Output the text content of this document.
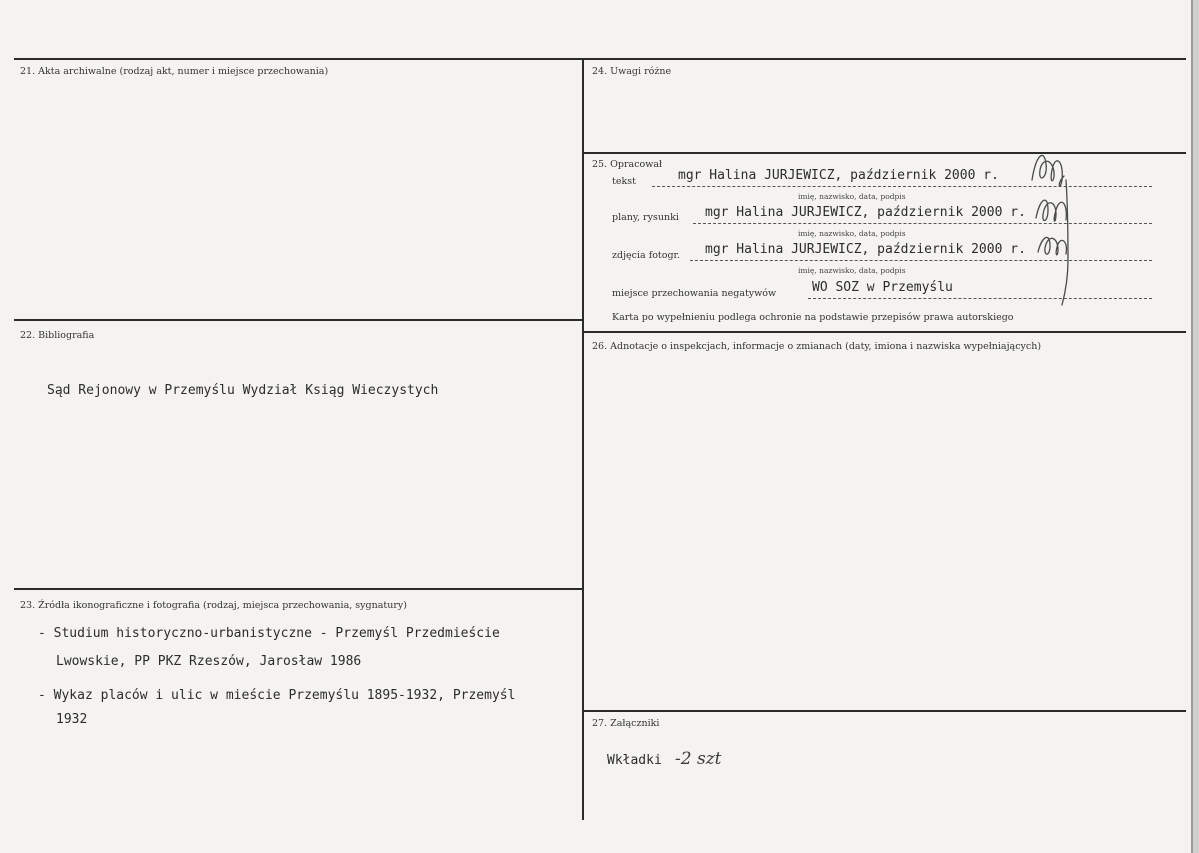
21. Akta archiwalne (rodzaj akt, numer i miejsce przechowania)
22. Bibliografia
Sąd Rejonowy w Przemyślu Wydział Ksiąg Wieczystych
23. Źródła ikonograficzne i fotografia (rodzaj, miejsca przechowania, sygnatury)
- Studium historyczno-urbanistyczne - Przemyśl Przedmieście
Lwowskie, PP PKZ Rzeszów, Jarosław 1986
- Wykaz placów i ulic w mieście Przemyślu 1895-1932, Przemyśl
1932
24. Uwagi różne
25. Opracował
tekst	mgr Halina JURJEWICZ, październik 2000 r.
imię, nazwisko, data, podpis
plany, rysunki mgr Halina JURJEWICZ, październik 2000 r.
imię, nazwisko, data, podpis
zdjęcia fotogr. mgr Halina JURJEWICZ, październik 2000 r.
imię, nazwisko, data, podpis
miejsce przechowania negatywów	WO SOZ w Przemyślu
Karta po wypełnieniu podlega ochronie na podstawie przepisów prawa autorskiego
26. Adnotacje o inspekcjach, informacje o zmianach (daty, imiona i nazwiska wypełniających)
27. Załączniki
Wkładki -2 szt
